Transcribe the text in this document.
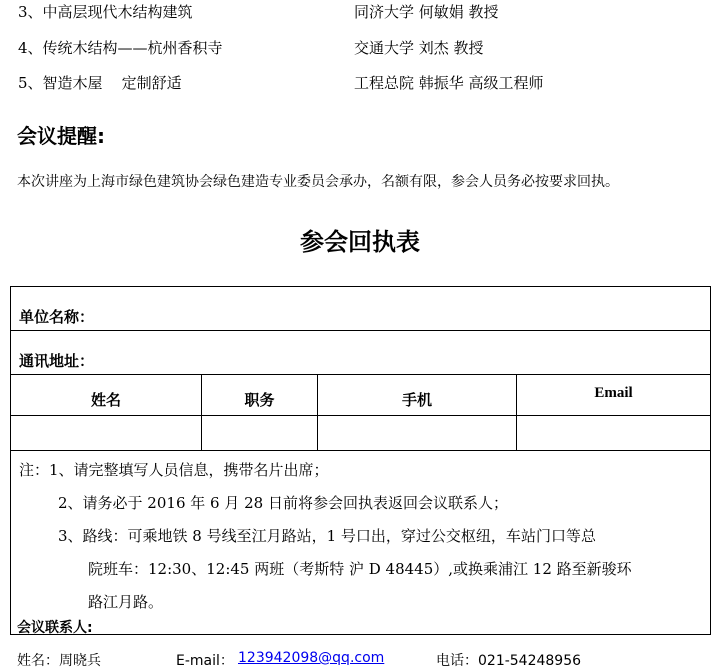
3、中高层现代木结构建筑	同济大学 何敏娟 教授
4、传统木结构——杭州香积寺	交通大学 刘杰 教授
5、智造木屋    定制舒适	工程总院 韩振华 高级工程师
会议提醒:
本次讲座为上海市绿色建筑协会绿色建造专业委员会承办，名额有限，参会人员务必按要求回执。
参会回执表
单位名称：			
通讯地址：			
姓名	职务	手机	Email

注：1、请完整填写人员信息，携带名片出席；
2、请务必于 2016 年 6 月 28 日前将参会回执表返回会议联系人；
3、路线：可乘地铁 8 号线至江月路站，1 号口出，穿过公交枢纽，车站门口等总
院班车：12:30、12:45 两班（考斯特 沪 D 48445）,或换乘浦江 12 路至新骏环
路江月路。			
会议联系人:
姓名：周晓兵	E-mail： 123942098@qq.com	电话：021-54248956
